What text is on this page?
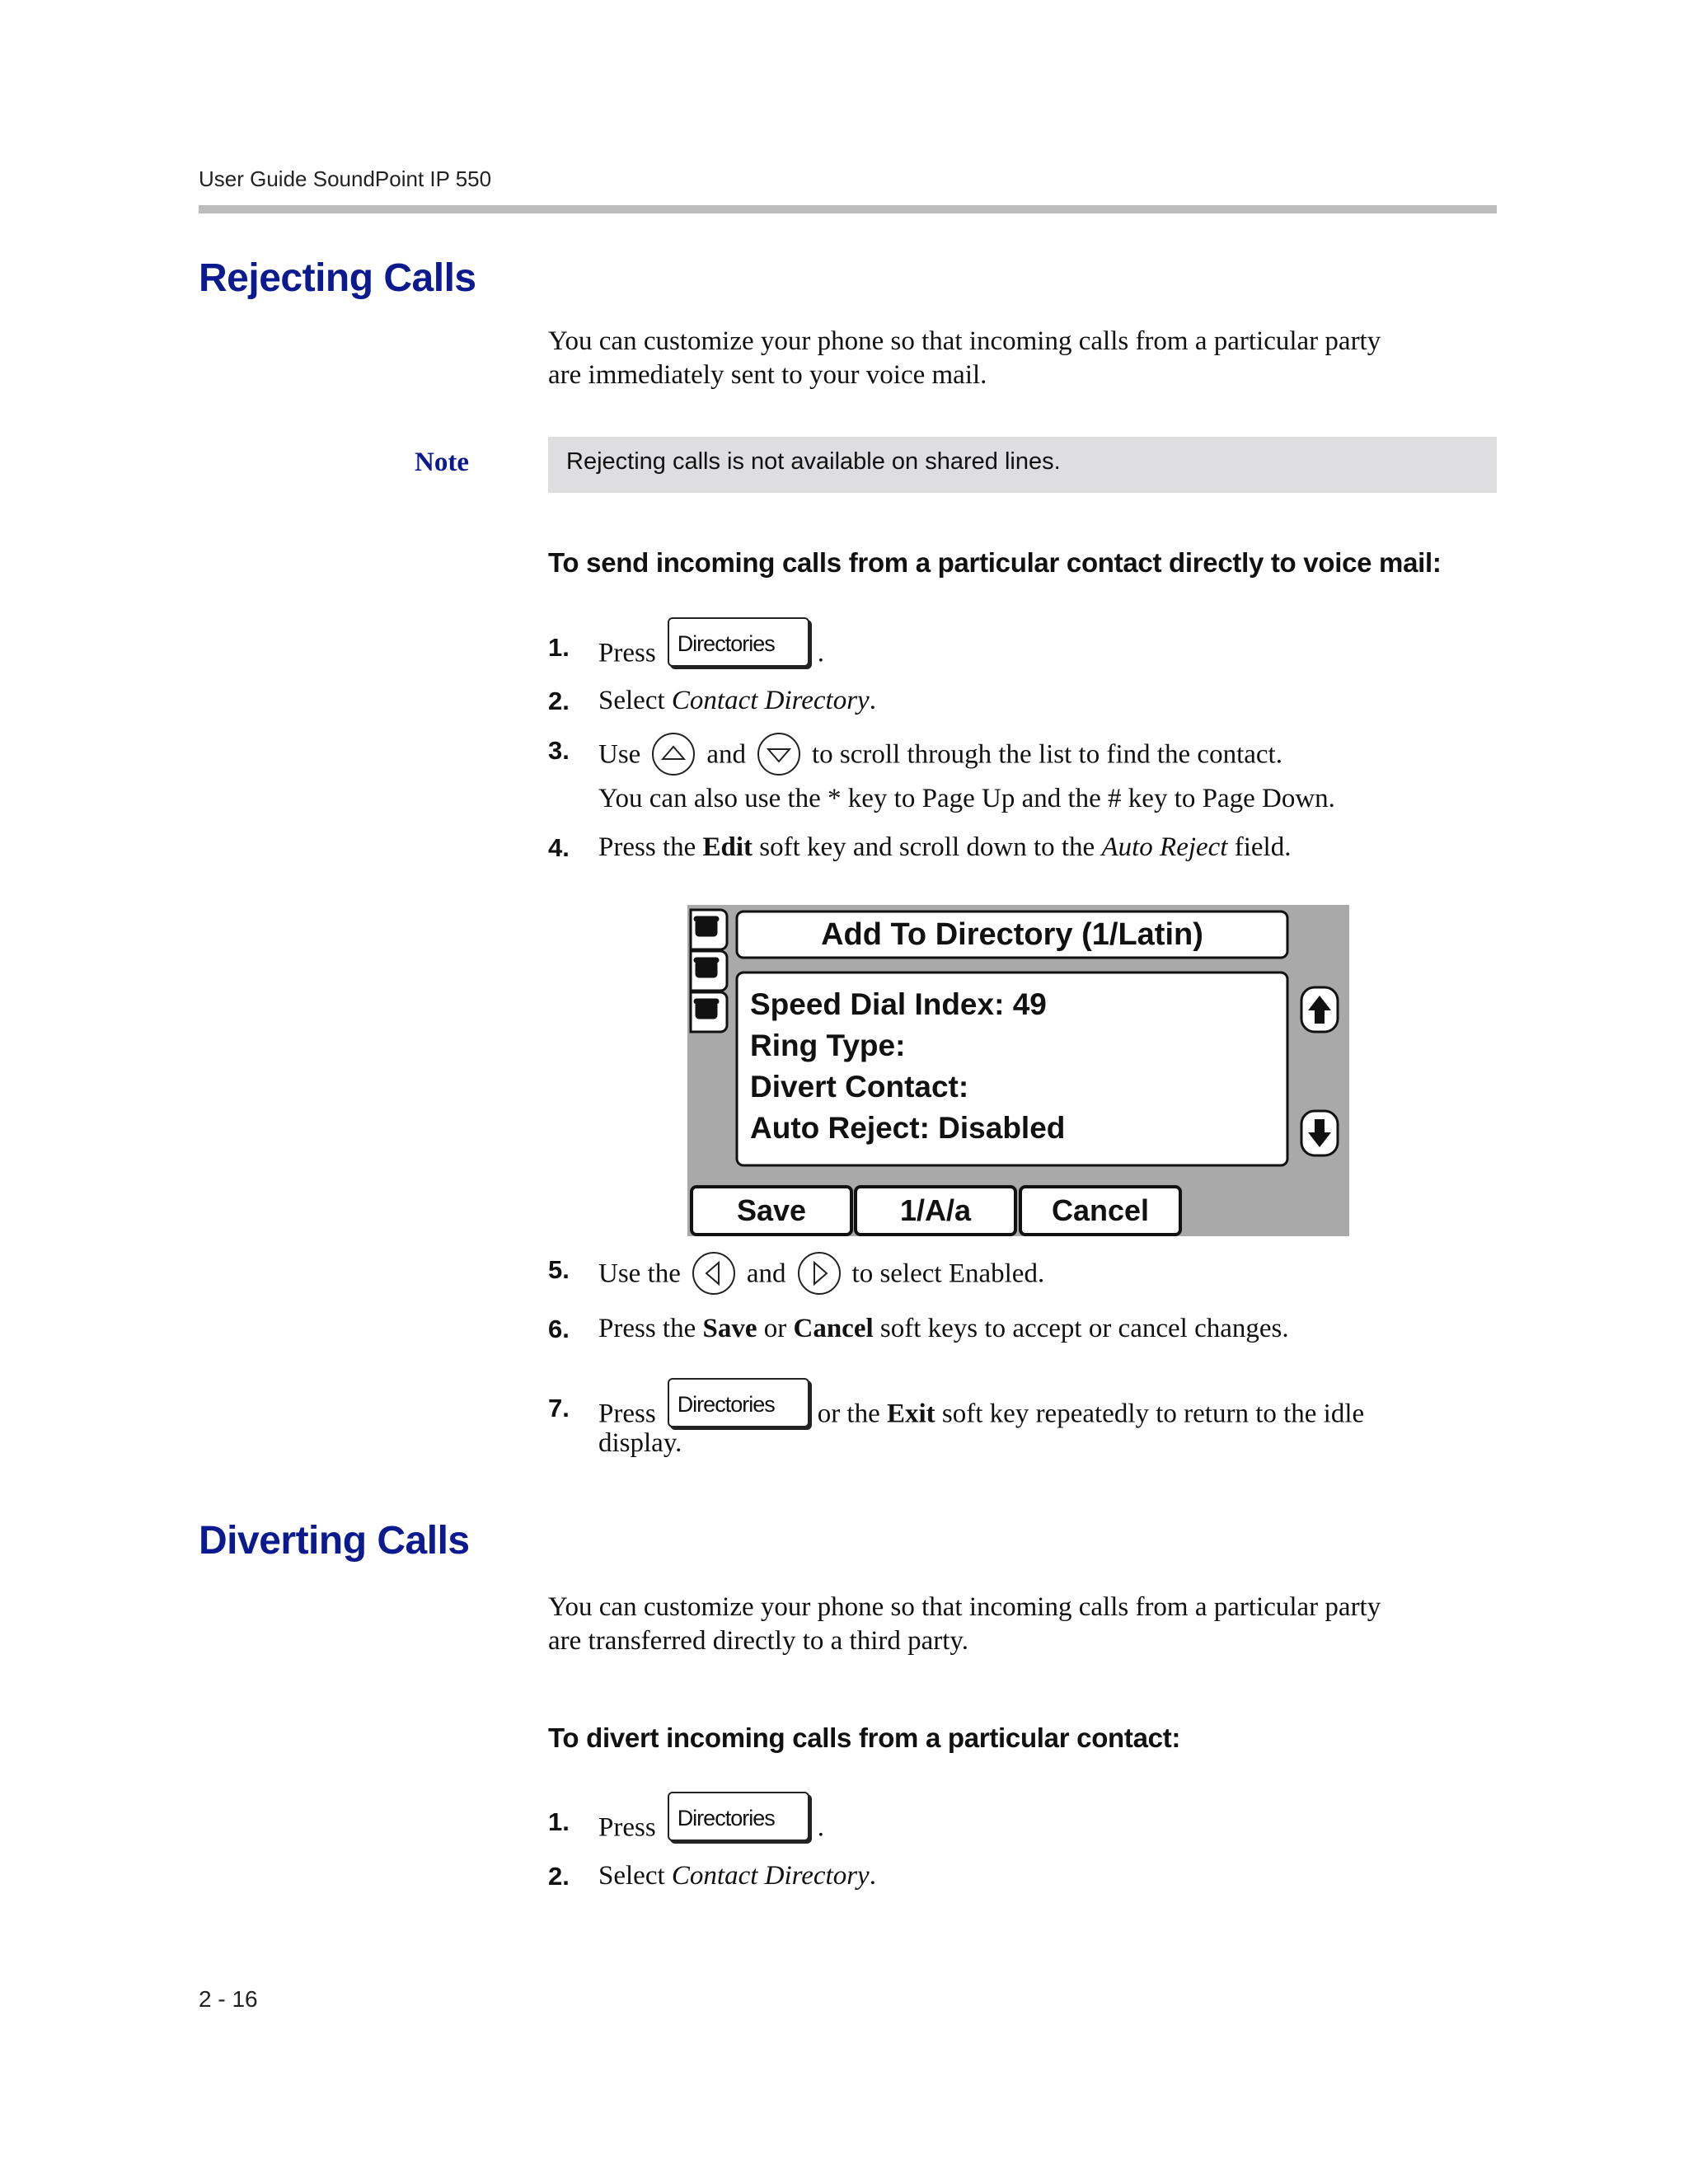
User Guide SoundPoint IP 550
Rejecting Calls
You can customize your phone so that incoming calls from a particular party
are immediately sent to your voice mail.
Note	Rejecting calls is not available on shared lines.
To send incoming calls from a particular contact directly to voice mail:
1. Press Directories .
2. Select Contact Directory.
3. Use and to scroll through the list to find the contact.
You can also use the * key to Page Up and the # key to Page Down.
4. Press the Edit soft key and scroll down to the Auto Reject field.
Add To Directory (1/Latin)
Speed Dial Index: 49
Ring Type:
Divert Contact:
Auto Reject: Disabled
Save	1/A/a	Cancel
5. Use the and to select Enabled.
6. Press the Save or Cancel soft keys to accept or cancel changes.
7. Press Directories or the Exit soft key repeatedly to return to the idle
display.
Diverting Calls
You can customize your phone so that incoming calls from a particular party
are transferred directly to a third party.
To divert incoming calls from a particular contact:
1. Press Directories .
2. Select Contact Directory.
2 - 16
